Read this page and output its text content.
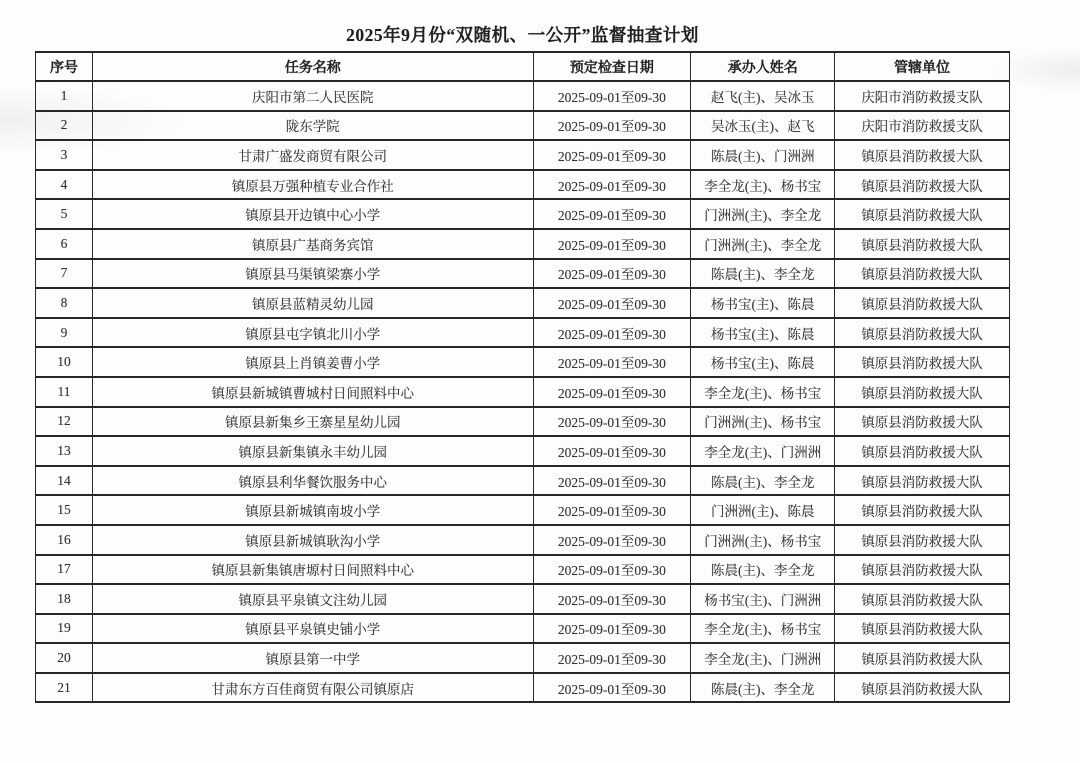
2025年9月份“双随机、一公开”监督抽查计划
序号	任务名称	预定检查日期	承办人姓名	管辖单位
1	庆阳市第二人民医院	2025-09-01至09-30	赵飞(主)、吴冰玉	庆阳市消防救援支队
2	陇东学院	2025-09-01至09-30	吴冰玉(主)、赵飞	庆阳市消防救援支队
3	甘肃广盛发商贸有限公司	2025-09-01至09-30	陈晨(主)、门洲洲	镇原县消防救援大队
4	镇原县万强种植专业合作社	2025-09-01至09-30	李全龙(主)、杨书宝	镇原县消防救援大队
5	镇原县开边镇中心小学	2025-09-01至09-30	门洲洲(主)、李全龙	镇原县消防救援大队
6	镇原县广基商务宾馆	2025-09-01至09-30	门洲洲(主)、李全龙	镇原县消防救援大队
7	镇原县马渠镇梁寨小学	2025-09-01至09-30	陈晨(主)、李全龙	镇原县消防救援大队
8	镇原县蓝精灵幼儿园	2025-09-01至09-30	杨书宝(主)、陈晨	镇原县消防救援大队
9	镇原县屯字镇北川小学	2025-09-01至09-30	杨书宝(主)、陈晨	镇原县消防救援大队
10	镇原县上肖镇姜曹小学	2025-09-01至09-30	杨书宝(主)、陈晨	镇原县消防救援大队
11	镇原县新城镇曹城村日间照料中心	2025-09-01至09-30	李全龙(主)、杨书宝	镇原县消防救援大队
12	镇原县新集乡王寨星星幼儿园	2025-09-01至09-30	门洲洲(主)、杨书宝	镇原县消防救援大队
13	镇原县新集镇永丰幼儿园	2025-09-01至09-30	李全龙(主)、门洲洲	镇原县消防救援大队
14	镇原县利华餐饮服务中心	2025-09-01至09-30	陈晨(主)、李全龙	镇原县消防救援大队
15	镇原县新城镇南坡小学	2025-09-01至09-30	门洲洲(主)、陈晨	镇原县消防救援大队
16	镇原县新城镇耿沟小学	2025-09-01至09-30	门洲洲(主)、杨书宝	镇原县消防救援大队
17	镇原县新集镇唐塬村日间照料中心	2025-09-01至09-30	陈晨(主)、李全龙	镇原县消防救援大队
18	镇原县平泉镇文注幼儿园	2025-09-01至09-30	杨书宝(主)、门洲洲	镇原县消防救援大队
19	镇原县平泉镇史铺小学	2025-09-01至09-30	李全龙(主)、杨书宝	镇原县消防救援大队
20	镇原县第一中学	2025-09-01至09-30	李全龙(主)、门洲洲	镇原县消防救援大队
21	甘肃东方百佳商贸有限公司镇原店	2025-09-01至09-30	陈晨(主)、李全龙	镇原县消防救援大队
